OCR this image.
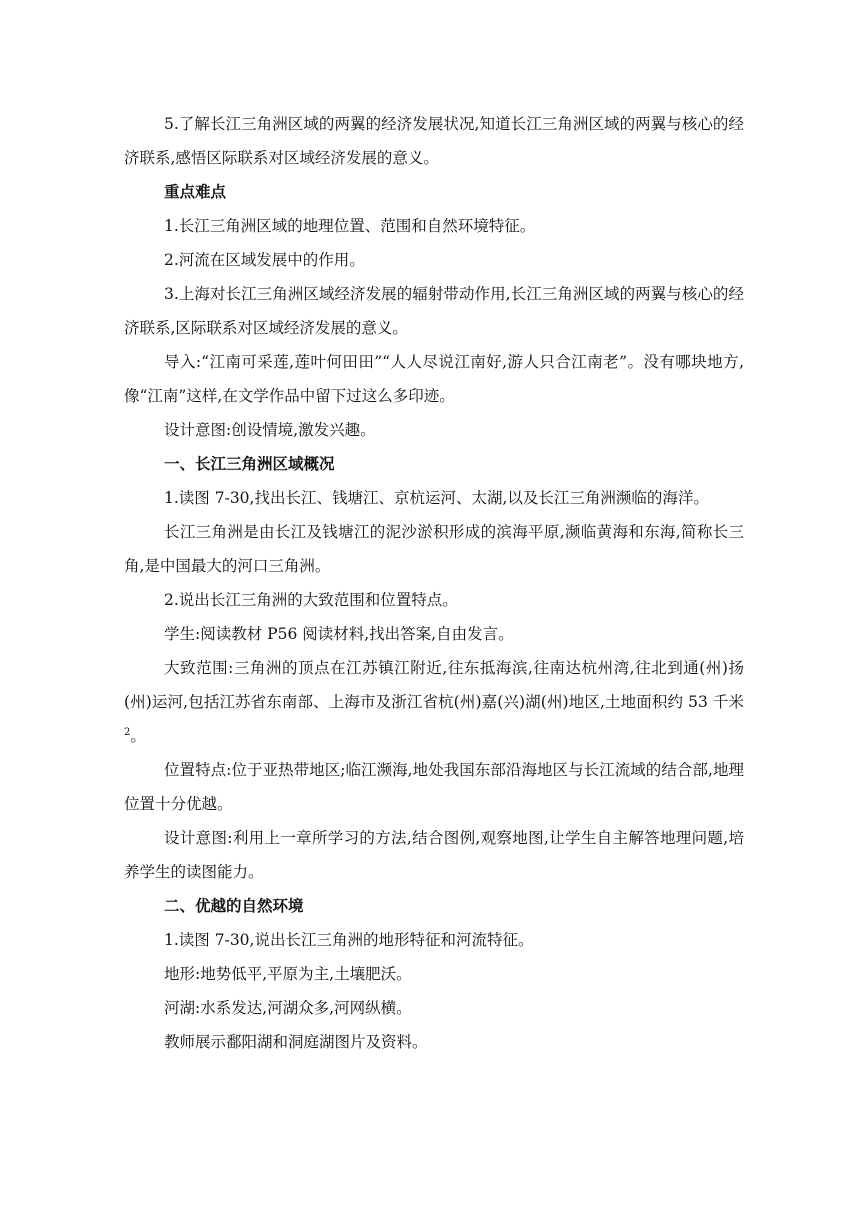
5.了解长江三角洲区域的两翼的经济发展状况,知道长江三角洲区域的两翼与核心的经济联系,感悟区际联系对区域经济发展的意义。

重点难点

1.长江三角洲区域的地理位置、范围和自然环境特征。

2.河流在区域发展中的作用。

3.上海对长江三角洲区域经济发展的辐射带动作用,长江三角洲区域的两翼与核心的经济联系,区际联系对区域经济发展的意义。

导入:“江南可采莲,莲叶何田田”“人人尽说江南好,游人只合江南老”。没有哪块地方,像“江南”这样,在文学作品中留下过这么多印迹。

设计意图:创设情境,激发兴趣。

一、长江三角洲区域概况

1.读图 7-30,找出长江、钱塘江、京杭运河、太湖,以及长江三角洲濒临的海洋。

长江三角洲是由长江及钱塘江的泥沙淤积形成的滨海平原,濒临黄海和东海,简称长三角,是中国最大的河口三角洲。

2.说出长江三角洲的大致范围和位置特点。

学生:阅读教材 P56 阅读材料,找出答案,自由发言。

大致范围:三角洲的顶点在江苏镇江附近,往东抵海滨,往南达杭州湾,往北到通(州)扬(州)运河,包括江苏省东南部、上海市及浙江省杭(州)嘉(兴)湖(州)地区,土地面积约 53 千米$^2$。

位置特点:位于亚热带地区;临江濒海,地处我国东部沿海地区与长江流域的结合部,地理位置十分优越。

设计意图:利用上一章所学习的方法,结合图例,观察地图,让学生自主解答地理问题,培养学生的读图能力。

二、优越的自然环境

1.读图 7-30,说出长江三角洲的地形特征和河流特征。

地形:地势低平,平原为主,土壤肥沃。

河湖:水系发达,河湖众多,河网纵横。

教师展示鄱阳湖和洞庭湖图片及资料。
